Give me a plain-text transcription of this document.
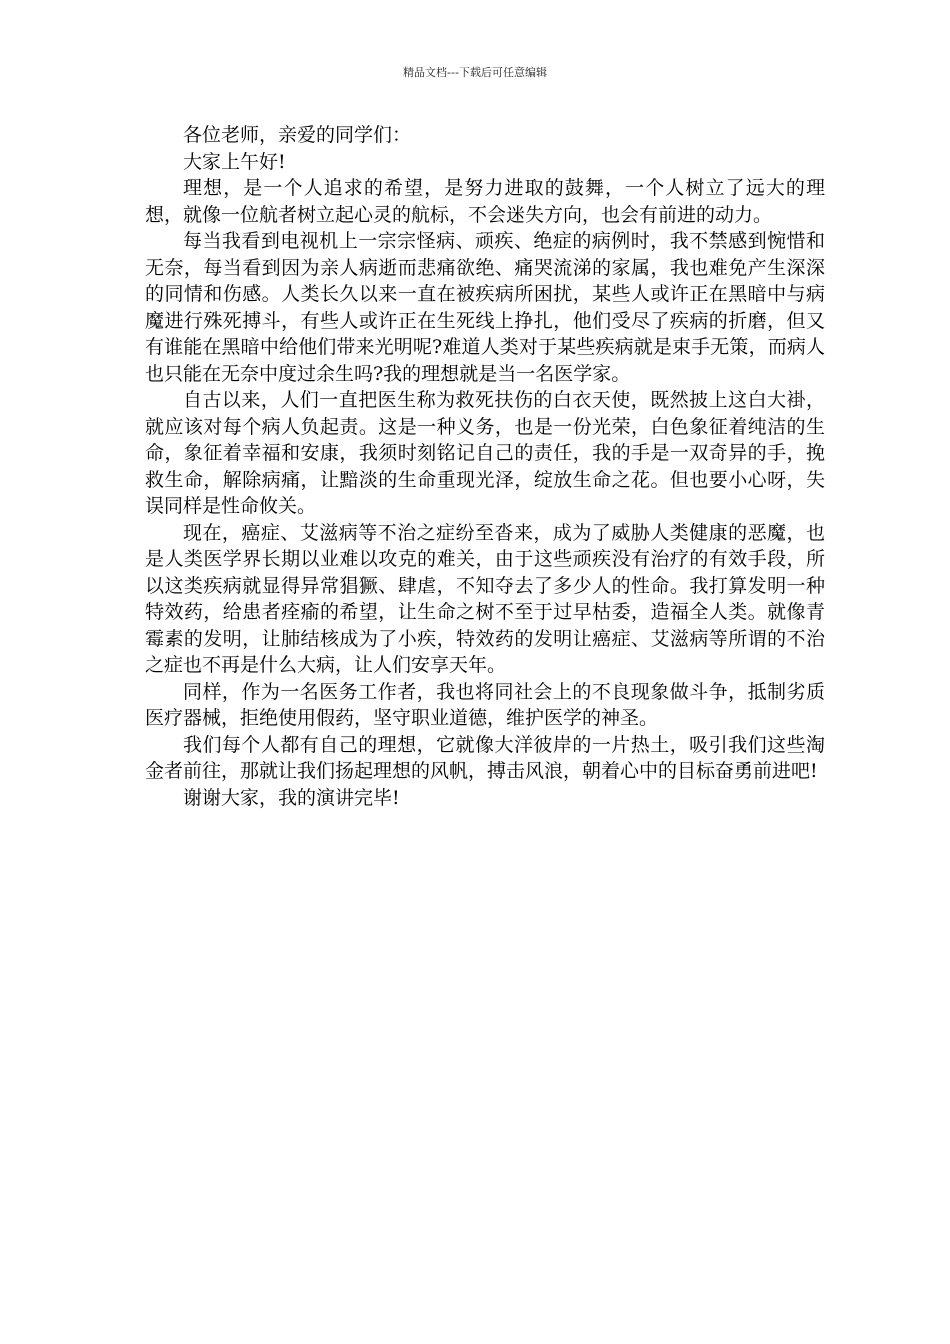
精品文档---下载后可任意编辑

各位老师，亲爱的同学们：

大家上午好!

理想，是一个人追求的希望，是努力进取的鼓舞，一个人树立了远大的理想，就像一位航者树立起心灵的航标，不会迷失方向，也会有前进的动力。

每当我看到电视机上一宗宗怪病、顽疾、绝症的病例时，我不禁感到惋惜和无奈，每当看到因为亲人病逝而悲痛欲绝、痛哭流涕的家属，我也难免产生深深的同情和伤感。人类长久以来一直在被疾病所困扰，某些人或许正在黑暗中与病魔进行殊死搏斗，有些人或许正在生死线上挣扎，他们受尽了疾病的折磨，但又有谁能在黑暗中给他们带来光明呢?难道人类对于某些疾病就是束手无策，而病人也只能在无奈中度过余生吗?我的理想就是当一名医学家。

自古以来，人们一直把医生称为救死扶伤的白衣天使，既然披上这白大褂，就应该对每个病人负起责。这是一种义务，也是一份光荣，白色象征着纯洁的生命，象征着幸福和安康，我须时刻铭记自己的责任，我的手是一双奇异的手，挽救生命，解除病痛，让黯淡的生命重现光泽，绽放生命之花。但也要小心呀，失误同样是性命攸关。

现在，癌症、艾滋病等不治之症纷至沓来，成为了威胁人类健康的恶魔，也是人类医学界长期以业难以攻克的难关，由于这些顽疾没有治疗的有效手段，所以这类疾病就显得异常猖獗、肆虐，不知夺去了多少人的性命。我打算发明一种特效药，给患者痊瘉的希望，让生命之树不至于过早枯委，造福全人类。就像青霉素的发明，让肺结核成为了小疾，特效药的发明让癌症、艾滋病等所谓的不治之症也不再是什么大病，让人们安享天年。

同样，作为一名医务工作者，我也将同社会上的不良现象做斗争，抵制劣质医疗器械，拒绝使用假药，坚守职业道德，维护医学的神圣。

我们每个人都有自己的理想，它就像大洋彼岸的一片热土，吸引我们这些淘金者前往，那就让我们扬起理想的风帆，搏击风浪，朝着心中的目标奋勇前进吧!

谢谢大家，我的演讲完毕!
